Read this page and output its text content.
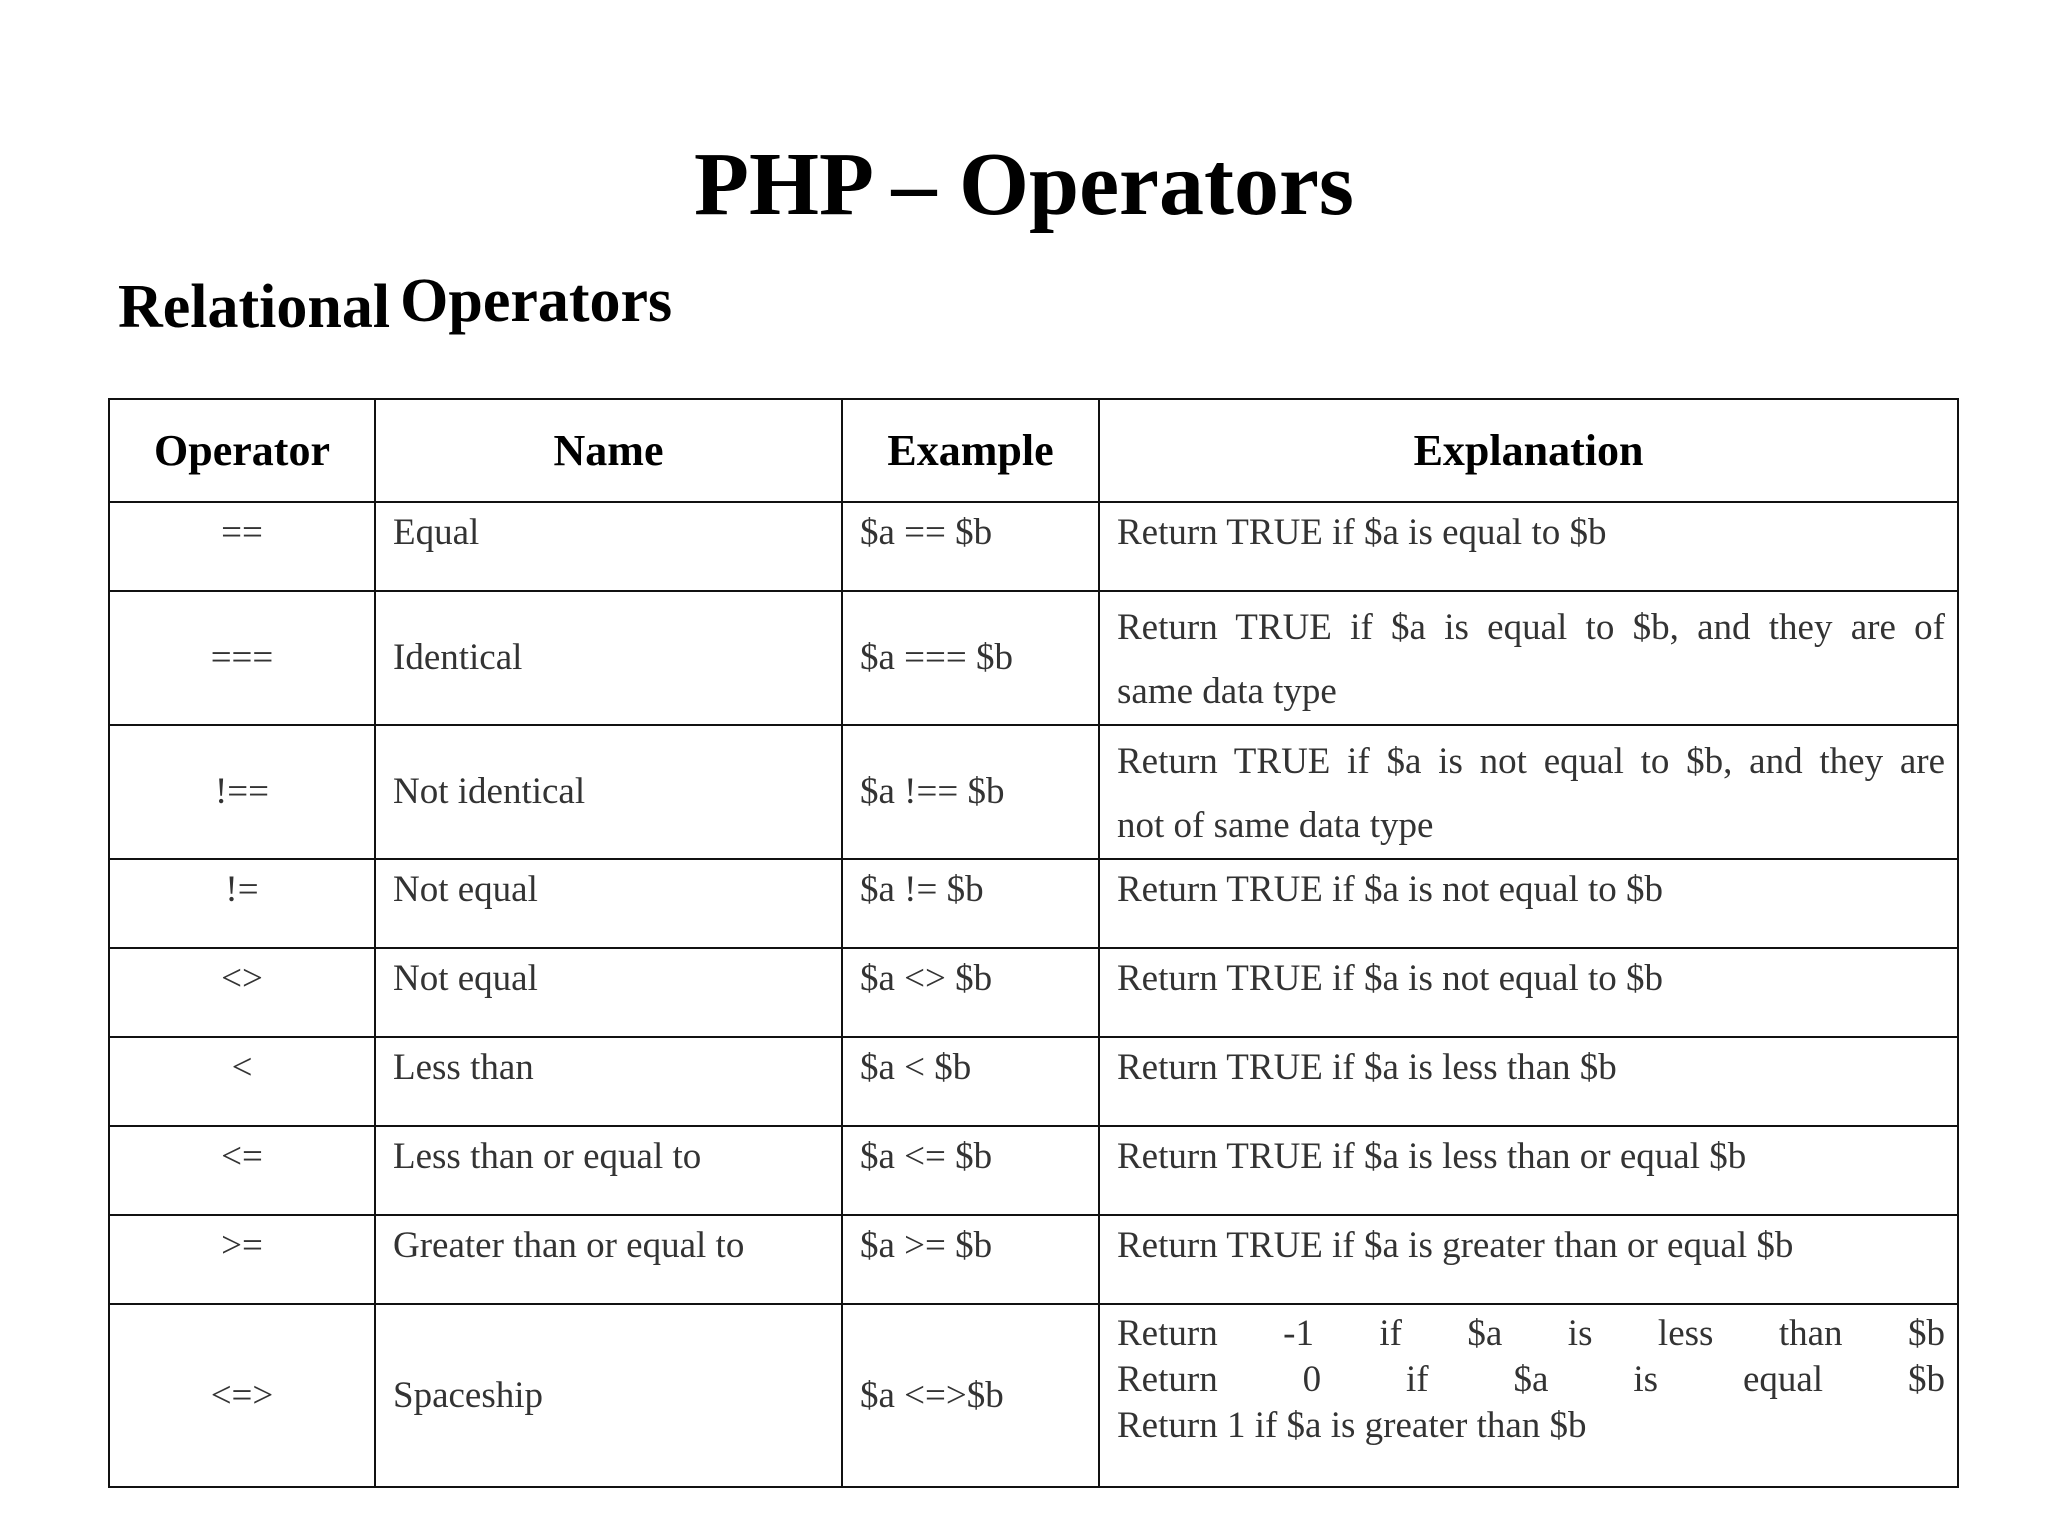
PHP – Operators
Relational Operators
Operator	Name	Example	Explanation
==	Equal	$a == $b	Return TRUE if $a is equal to $b
===	Identical	$a === $b	Return TRUE if $a is equal to $b, and they are of
same data type

!==	Not identical	$a !== $b	Return TRUE if $a is not equal to $b, and they are
not of same data type

!=	Not equal	$a != $b	Return TRUE if $a is not equal to $b
<>	Not equal	$a <> $b	Return TRUE if $a is not equal to $b
<	Less than	$a < $b	Return TRUE if $a is less than $b
<=	Less than or equal to	$a <= $b	Return TRUE if $a is less than or equal $b
>=	Greater than or equal to	$a >= $b	Return TRUE if $a is greater than or equal $b
<=>	Spaceship	$a <=>$b	Return -1 if $a is less than $b
Return 0 if $a is equal $b
Return 1 if $a is greater than $b
